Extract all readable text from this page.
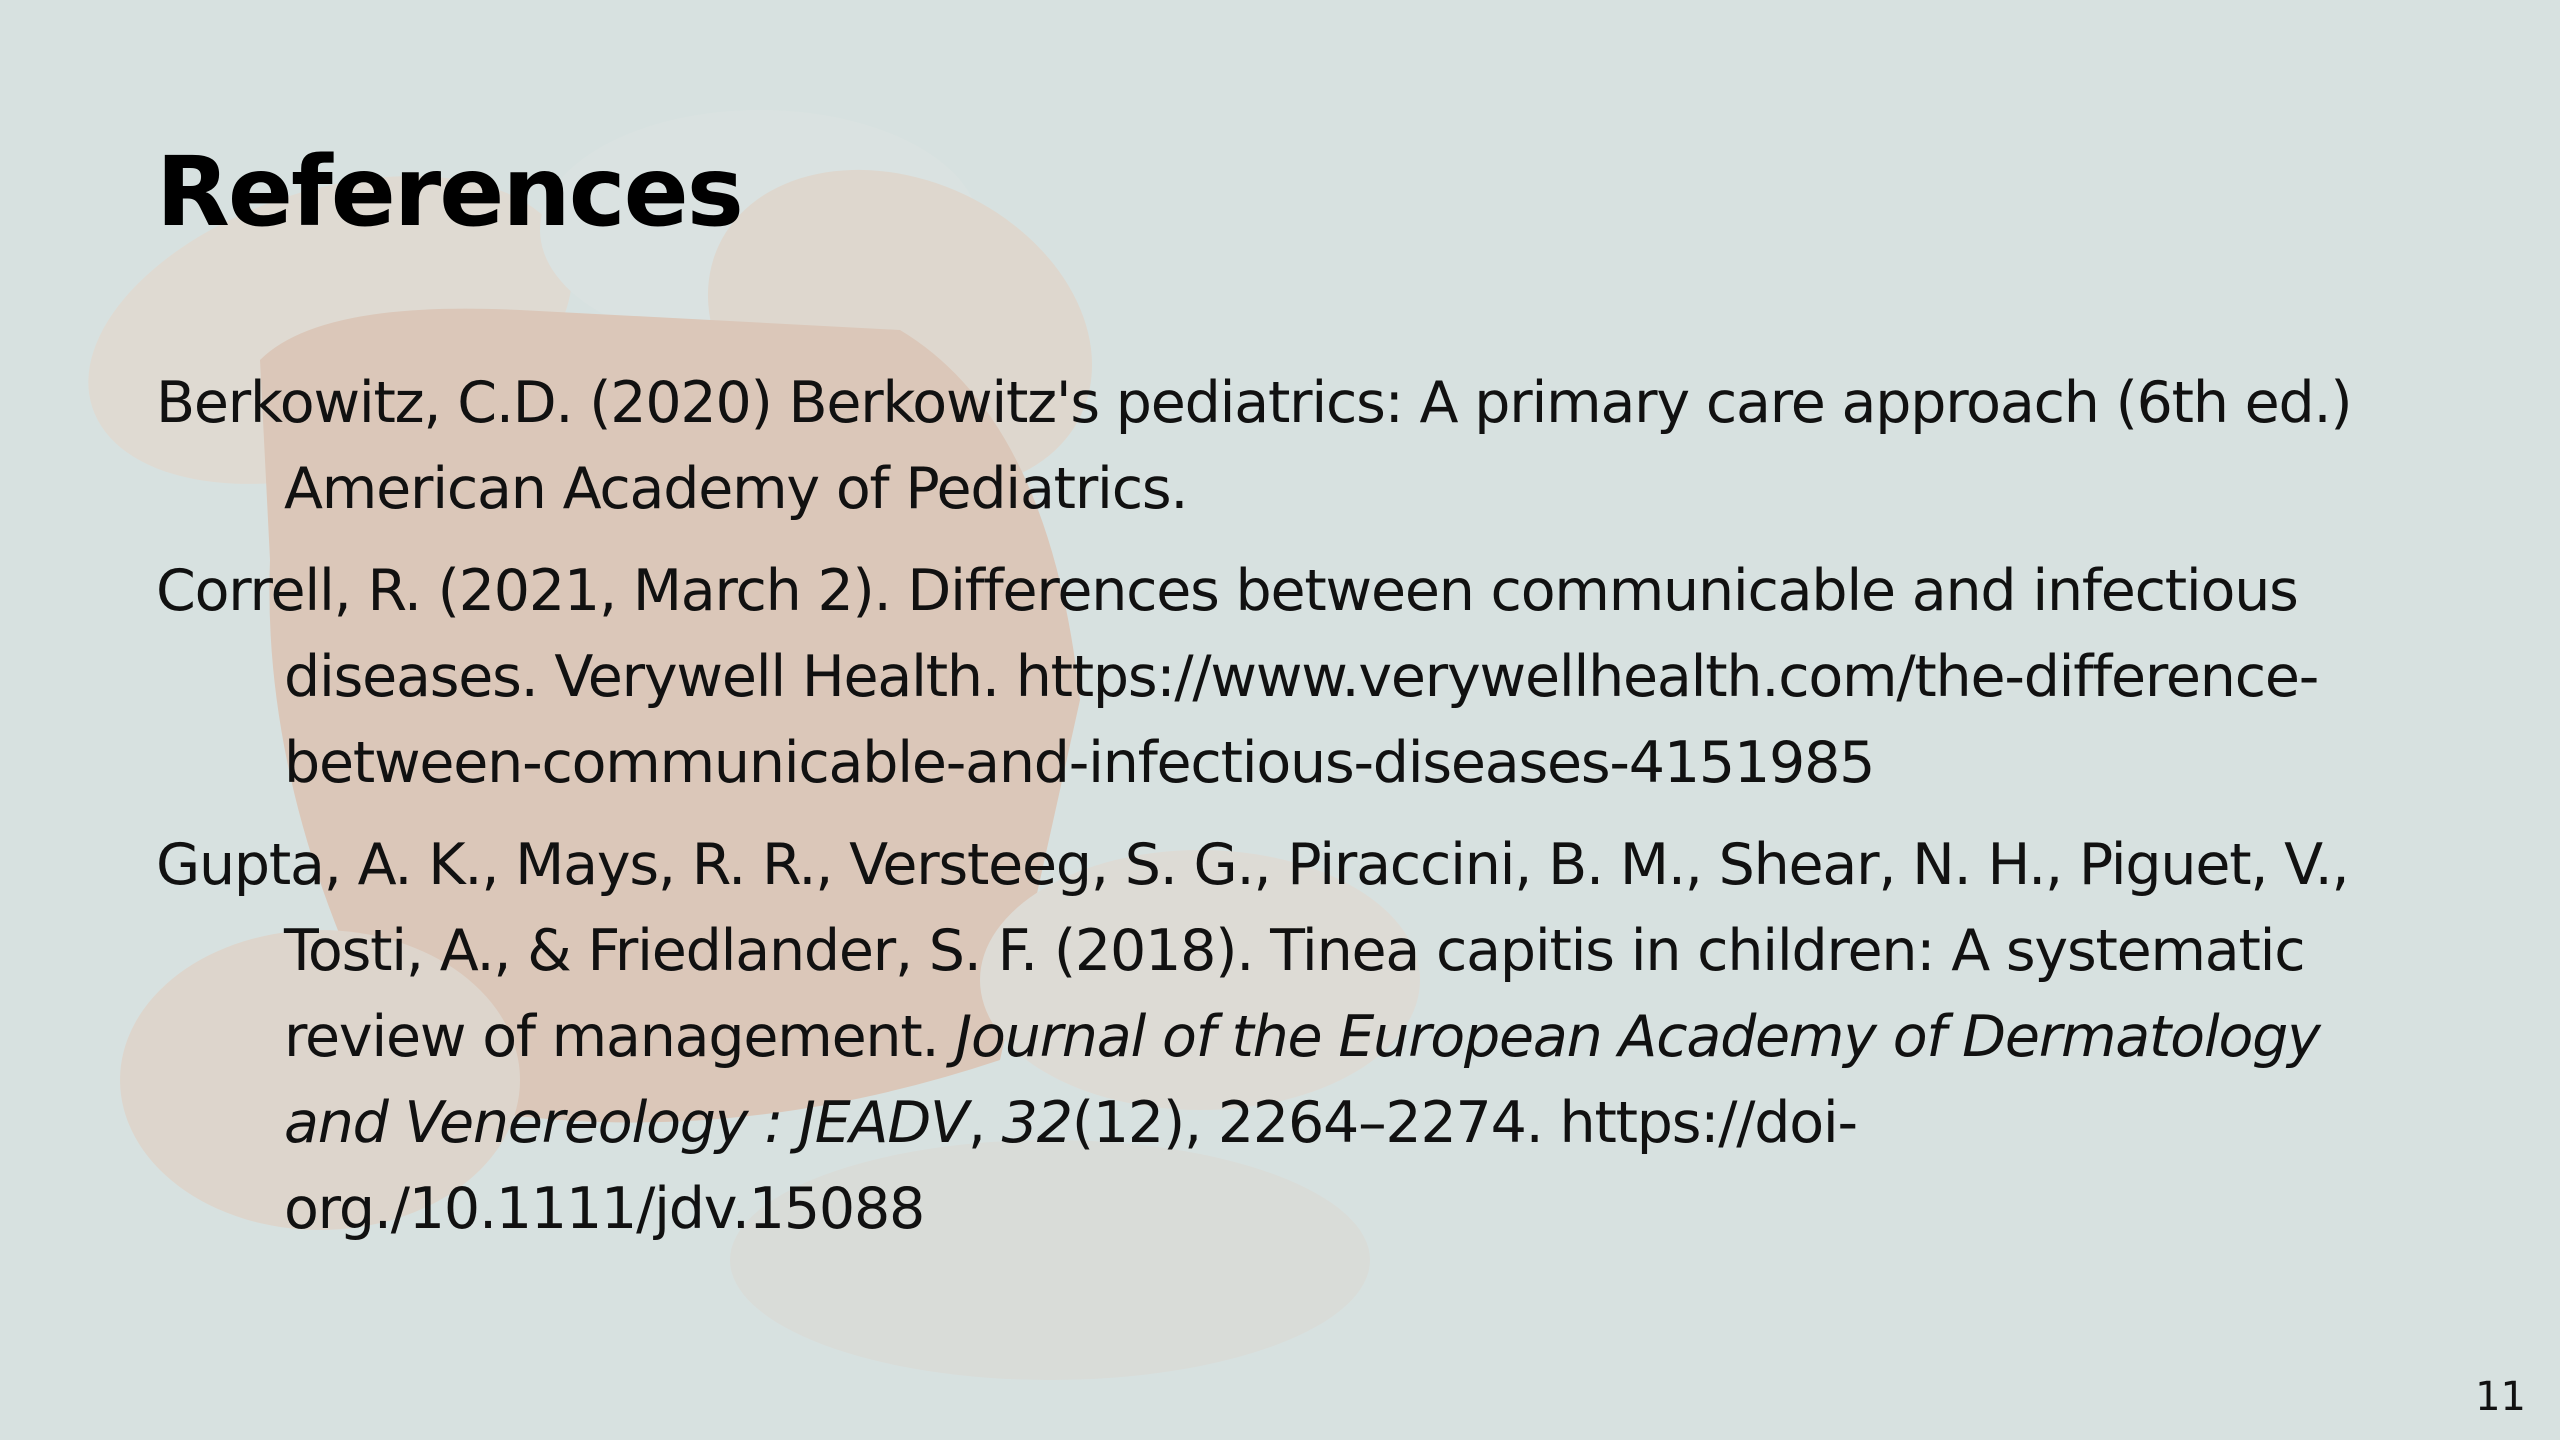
References

Berkowitz, C.D. (2020) Berkowitz's pediatrics: A primary care approach (6th ed.) American Academy of Pediatrics.

Correll, R. (2021, March 2). Differences between communicable and infectious diseases. Verywell Health. https://www.verywellhealth.com/the-difference-between-communicable-and-infectious-diseases-4151985

Gupta, A. K., Mays, R. R., Versteeg, S. G., Piraccini, B. M., Shear, N. H., Piguet, V., Tosti, A., & Friedlander, S. F. (2018). Tinea capitis in children: A systematic review of management. Journal of the European Academy of Dermatology and Venereology : JEADV, 32(12), 2264–2274. https://doi-org./10.1111/jdv.15088

11
